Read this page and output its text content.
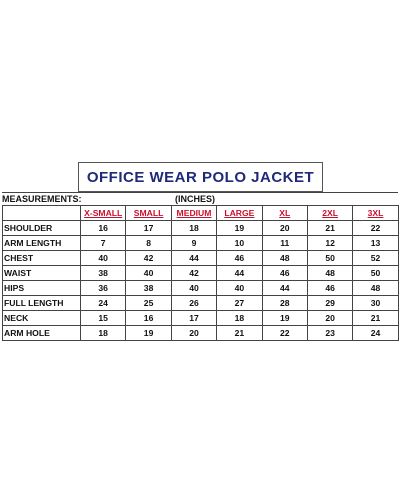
OFFICE WEAR POLO JACKET
MEASUREMENTS:	(INCHES)
	X-SMALL	SMALL	MEDIUM	LARGE	XL	2XL	3XL
SHOULDER	16	17	18	19	20	21	22
ARM LENGTH	7	8	9	10	11	12	13
CHEST	40	42	44	46	48	50	52
WAIST	38	40	42	44	46	48	50
HIPS	36	38	40	40	44	46	48
FULL LENGTH	24	25	26	27	28	29	30
NECK	15	16	17	18	19	20	21
ARM HOLE	18	19	20	21	22	23	24
